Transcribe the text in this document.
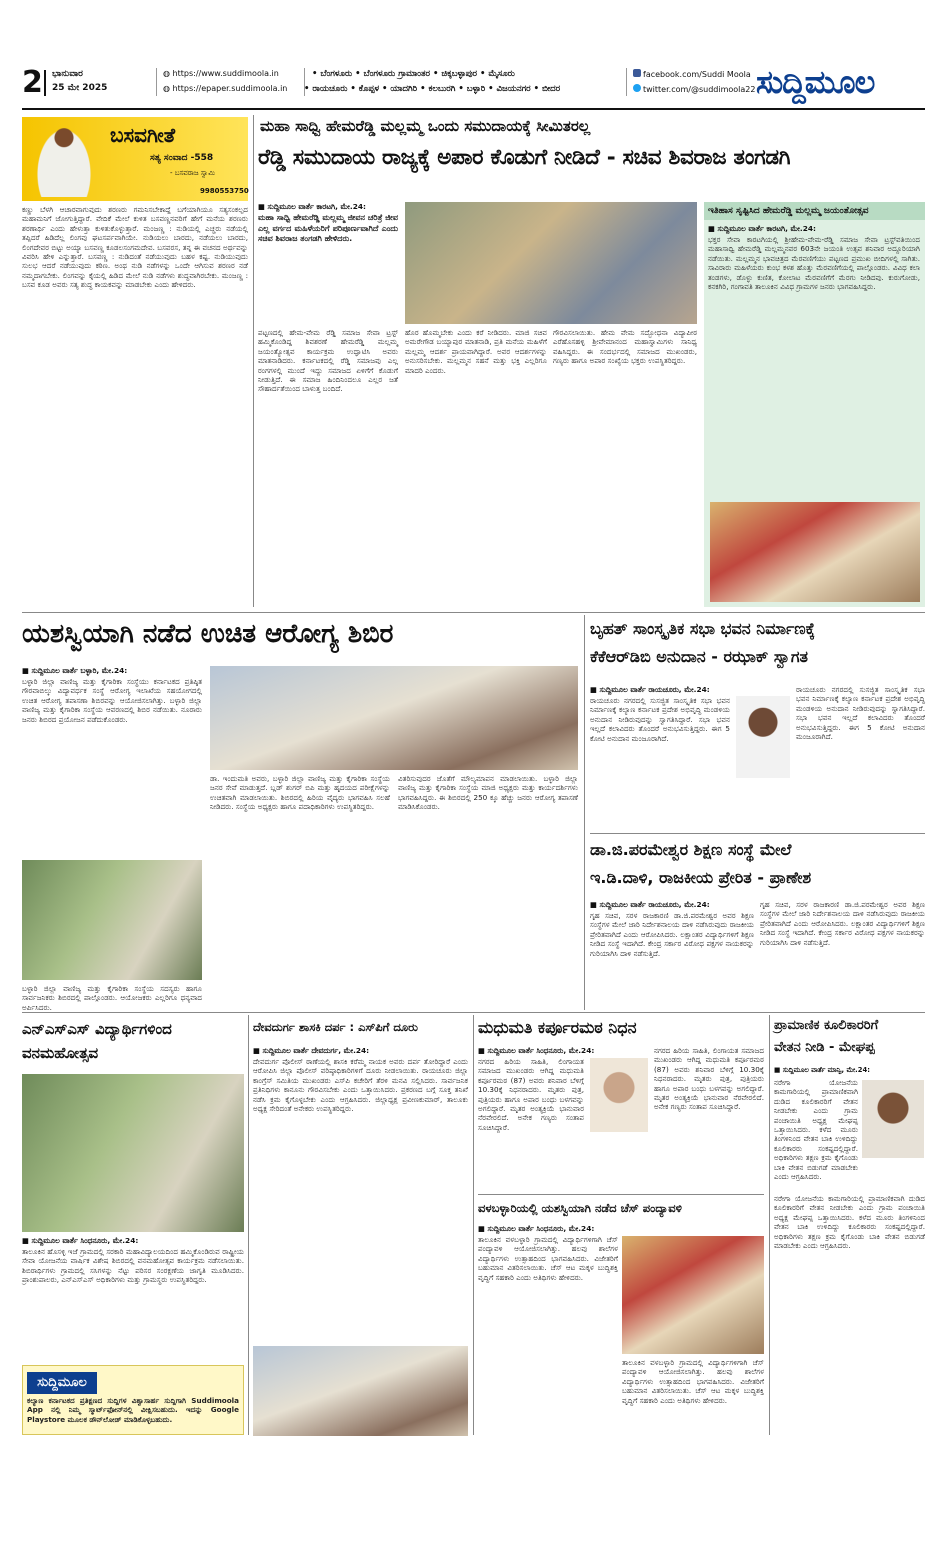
2 ಭಾನುವಾರ
25 ಮೇ 2025
◍ https://www.suddimoola.in
◍ https://epaper.suddimoola.in
• ಬೆಂಗಳೂರು • ಬೆಂಗಳೂರು ಗ್ರಾಮಾಂತರ • ಚಿಕ್ಕಬಳ್ಳಾಪುರ • ಮೈಸೂರು
• ರಾಯಚೂರು • ಕೊಪ್ಪಳ • ಯಾದಗಿರಿ • ಕಲಬುರಗಿ • ಬಳ್ಳಾರಿ • ವಿಜಯನಗರ • ಬೀದರ
facebook.com/Suddi Moola
twitter.com/@suddimoola22 ಸುದ್ದಿಮೂಲ
ಬಸವಗೀತೆ
ಸತ್ಯ ಸಂವಾದ -558
- ಬಸವರಾಜ ಸ್ವಾಮಿ
9980553750
ಕಣ್ಣು ಬೆಳಗಿ ಆಚಾರವಾಗುವುದು ಶರಣರು ಗಮನಿಸಬೇಕಾದ್ದೆ ಬಗೆಯಾಗಿಯೂ ಸತ್ಯಸಂಕಲ್ಪದ ಮಹಾಮನಿಗೆ ಜೋಗುತ್ತಿದ್ದಾರೆ. ವೇದಿಕೆ ಮೇಲೆ ಕುಳಿತ ಬಸವಣ್ಣನವರಿಗೆ ಹೇಗೆ ಮನೆಯ ಶರಣರು ಶರಣಾರ್ಥಿ ಎಂದು ಹೇಳುತ್ತಾ ಕುಳಿತುಕೊಳ್ಳುತ್ತಾರೆ. ಮಂಜಣ್ಣ : ನುಡಿಯಲ್ಲಿ ಎಚ್ಚರು ನಡೆಯಲ್ಲಿ ತಪ್ಪಿದರೆ ಹಿಡಿದೆಲ್ಲ ಲಿಂಗವು ಘಟಸರ್ಪವಾಗಿಯೇ. ನುಡಿಯಲು ಬಾರದು, ನಡೆಯಲು ಬಾರದು, ಲಿಂಗದೇವರ ಬಿಟ್ಟು ಅಯ್ಯಾ ಬಸವಣ್ಣ ಕೂಡಲಸಂಗಮದೇವ. ಬಸವರಸ, ತನ್ನ ಈ ವಚನದ ಅರ್ಥವನ್ನು ವಿವರಿಸಿ ಹೇಳಿ ಎನ್ನುತ್ತಾರೆ. ಬಸವಣ್ಣ : ನುಡಿದಂತೆ ನಡೆಯುವುದು ಬಹಳ ಕಷ್ಟ. ನುಡಿಯುವುದು ಸುಲಭ ಆದರೆ ನಡೆಯುವುದು ಕಠಿಣ. ಅಂಥ ನುಡಿ ನಡೆಗಳನ್ನು ಒಂದೇ ಆಗಿಸುವ ಶರಣರ ನಡೆ ನಮ್ಮದಾಗಬೇಕು. ಲಿಂಗವನ್ನು ಕೈಯಲ್ಲಿ ಹಿಡಿದ ಮೇಲೆ ನುಡಿ ನಡೆಗಳು ಶುದ್ಧವಾಗಿರಬೇಕು. ಮಂಜಣ್ಣ : ಬಸವ ಕೂಡ ಅವರು ಸತ್ಯ ಶುದ್ಧ ಕಾಯಕವನ್ನು ಮಾಡಬೇಕು ಎಂದು ಹೇಳಿದರು.
ಮಹಾ ಸಾಧ್ವಿ ಹೇಮರೆಡ್ಡಿ ಮಲ್ಲಮ್ಮ ಒಂದು ಸಮುದಾಯಕ್ಕೆ ಸೀಮಿತರಲ್ಲ
ರೆಡ್ಡಿ ಸಮುದಾಯ ರಾಜ್ಯಕ್ಕೆ ಅಪಾರ ಕೊಡುಗೆ ನೀಡಿದೆ - ಸಚಿವ ಶಿವರಾಜ ತಂಗಡಗಿ
■ ಸುದ್ದಿಮೂಲ ವಾರ್ತೆ ಕಾರಟಗಿ, ಮೇ.24:
ಮಹಾ ಸಾಧ್ವಿ ಹೇಮರೆಡ್ಡಿ ಮಲ್ಲಮ್ಮ ಜೀವನ ಚರಿತ್ರೆ ಜೀವ ಎಲ್ಲ ವರ್ಗದ ಮಹಿಳೆಯರಿಗೆ ಪರಿಪೂರ್ಣವಾಗಿದೆ ಎಂದು ಸಚಿವ ಶಿವರಾಜ ತಂಗಡಗಿ ಹೇಳಿದರು.
ಪಟ್ಟಣದಲ್ಲಿ ಹೇಮ-ವೇಮ ರೆಡ್ಡಿ ಸಮಾಜ ಸೇವಾ ಟ್ರಸ್ಟ್ ಹಮ್ಮಿಕೊಂಡಿದ್ದ ಶಿವಶರಣೆ ಹೇಮರೆಡ್ಡಿ ಮಲ್ಲಮ್ಮ ಜಯಂತ್ಯೋತ್ಸವ ಕಾರ್ಯಕ್ರಮ ಉದ್ಘಾಟಿಸಿ ಅವರು ಮಾತನಾಡಿದರು. ಕರ್ನಾಟಕದಲ್ಲಿ ರೆಡ್ಡಿ ಸಮಾಜವು ಎಲ್ಲ ರಂಗಗಳಲ್ಲಿ ಮುಂದೆ ಇದ್ದು ಸಮಾಜದ ಏಳಿಗೆಗೆ ಕೊಡುಗೆ ನೀಡುತ್ತಿದೆ. ಈ ಸಮಾಜ ಹಿಂದಿನಿಂದಲೂ ಎಲ್ಲರ ಜತೆ ಸೌಹಾರ್ದತೆಯಿಂದ ಬಾಳುತ್ತ ಬಂದಿದೆ.
ಹೊರ ಹೊಮ್ಮಬೇಕು ಎಂದು ಕರೆ ನೀಡಿದರು. ಮಾಜಿ ಸಚಿವ ಅಮರೇಗೌಡ ಬಯ್ಯಾಪುರ ಮಾತನಾಡಿ, ಪ್ರತಿ ಮನೆಯ ಮಹಿಳೆಗೆ ಮಲ್ಲಮ್ಮ ಆದರ್ಶ ಪ್ರಾಯವಾಗಿದ್ದಾರೆ. ಅವರ ಆದರ್ಶಗಳನ್ನು ಅನುಸರಿಸಬೇಕು. ಮಲ್ಲಮ್ಮನ ಸಹನೆ ಮತ್ತು ಭಕ್ತಿ ಎಲ್ಲರಿಗೂ ಮಾದರಿ ಎಂದರು.
ಗೌರವಿಸಲಾಯಿತು. ಹೇಮ ವೇಮ ಸದ್ಭೋಧನಾ ವಿದ್ಯಾಪೀಠ ಎರೆಹೊಸಹಳ್ಳಿ ಶ್ರೀವೇಮಾನಂದ ಮಹಾಸ್ವಾಮಿಗಳು ಸಾನಿಧ್ಯ ವಹಿಸಿದ್ದರು. ಈ ಸಂದರ್ಭದಲ್ಲಿ ಸಮಾಜದ ಮುಖಂಡರು, ಗಣ್ಯರು ಹಾಗೂ ಅಪಾರ ಸಂಖ್ಯೆಯ ಭಕ್ತರು ಉಪಸ್ಥಿತರಿದ್ದರು.
ಇತಿಹಾಸ ಸೃಷ್ಟಿಸಿದ ಹೇಮರೆಡ್ಡಿ ಮಲ್ಲಮ್ಮ ಜಯಂತೋತ್ಸವ
■ ಸುದ್ದಿಮೂಲ ವಾರ್ತೆ ಕಾರಟಗಿ, ಮೇ.24:
ಭಕ್ತರ ಸೇವಾ ಕಾರಟಗಿಯಲ್ಲಿ ಶ್ರೀಹೇಮ-ವೇಮ-ರೆಡ್ಡಿ ಸಮಾಜ ಸೇವಾ ಟ್ರಸ್ಟ್‌ವತಿಯಿಂದ ಮಹಾಸಾಧ್ವಿ ಹೇಮರೆಡ್ಡಿ ಮಲ್ಲಮ್ಮನವರ 603ನೇ ಜಯಂತಿ ಉತ್ಸವ ಶನಿವಾರ ಅದ್ದೂರಿಯಾಗಿ ನಡೆಯಿತು. ಮಲ್ಲಮ್ಮನ ಭಾವಚಿತ್ರದ ಮೆರವಣಿಗೆಯು ಪಟ್ಟಣದ ಪ್ರಮುಖ ಬೀದಿಗಳಲ್ಲಿ ಸಾಗಿತು. ಸಾವಿರಾರು ಮಹಿಳೆಯರು ಕುಂಭ ಕಳಶ ಹೊತ್ತು ಮೆರವಣಿಗೆಯಲ್ಲಿ ಪಾಲ್ಗೊಂಡರು. ವಿವಿಧ ಕಲಾ ತಂಡಗಳು, ಡೊಳ್ಳು ಕುಣಿತ, ಕೋಲಾಟ ಮೆರವಣಿಗೆಗೆ ಮೆರಗು ನೀಡಿದವು. ಕುರುಗೋಡು, ಕನಕಗಿರಿ, ಗಂಗಾವತಿ ತಾಲೂಕಿನ ವಿವಿಧ ಗ್ರಾಮಗಳ ಜನರು ಭಾಗವಹಿಸಿದ್ದರು.
ಯಶಸ್ವಿಯಾಗಿ ನಡೆದ ಉಚಿತ ಆರೋಗ್ಯ ಶಿಬಿರ
■ ಸುದ್ದಿಮೂಲ ವಾರ್ತೆ ಬಳ್ಳಾರಿ, ಮೇ.24:
ಬಳ್ಳಾರಿ ಜಿಲ್ಲಾ ವಾಣಿಜ್ಯ ಮತ್ತು ಕೈಗಾರಿಕಾ ಸಂಸ್ಥೆಯು ಕರ್ನಾಟಕದ ಪ್ರತಿಷ್ಠಿತ ಗೌರವಾಬಿಲ್ಕು ವಿದ್ಯಾವರ್ಧಕ ಸಂಸ್ಥೆ ಆರೋಗ್ಯ ಇಲಾಖೆಯ ಸಹಯೋಗದಲ್ಲಿ ಉಚಿತ ಆರೋಗ್ಯ ತಪಾಸಣಾ ಶಿಬಿರವನ್ನು ಆಯೋಜಿಸಲಾಗಿತ್ತು. ಬಳ್ಳಾರಿ ಜಿಲ್ಲಾ ವಾಣಿಜ್ಯ ಮತ್ತು ಕೈಗಾರಿಕಾ ಸಂಸ್ಥೆಯ ಆವರಣದಲ್ಲಿ ಶಿಬಿರ ನಡೆಯಿತು. ನೂರಾರು ಜನರು ಶಿಬಿರದ ಪ್ರಯೋಜನ ಪಡೆದುಕೊಂಡರು.
ಡಾ. ಇಂದುಮತಿ ಅವರು, ಬಳ್ಳಾರಿ ಜಿಲ್ಲಾ ವಾಣಿಜ್ಯ ಮತ್ತು ಕೈಗಾರಿಕಾ ಸಂಸ್ಥೆಯ ಜನರ ಸೇವೆ ಮಾಡುತ್ತದೆ. ಬ್ಲಡ್ ಶುಗರ್ ಬಿಪಿ ಮತ್ತು ಹೃದಯದ ಪರೀಕ್ಷೆಗಳನ್ನು ಉಚಿತವಾಗಿ ಮಾಡಲಾಯಿತು. ಶಿಬಿರದಲ್ಲಿ ಹಿರಿಯ ವೈದ್ಯರು ಭಾಗವಹಿಸಿ ಸಲಹೆ ನೀಡಿದರು. ಸಂಸ್ಥೆಯ ಅಧ್ಯಕ್ಷರು ಹಾಗೂ ಪದಾಧಿಕಾರಿಗಳು ಉಪಸ್ಥಿತರಿದ್ದರು.
ವಿತರಿಸುವುದರ ಜೊತೆಗೆ ಮೌಲ್ಯಮಾಪನ ಮಾಡಲಾಯಿತು. ಬಳ್ಳಾರಿ ಜಿಲ್ಲಾ ವಾಣಿಜ್ಯ ಮತ್ತು ಕೈಗಾರಿಕಾ ಸಂಸ್ಥೆಯ ಮಾಜಿ ಅಧ್ಯಕ್ಷರು ಮತ್ತು ಕಾರ್ಯದರ್ಶಿಗಳು ಭಾಗವಹಿಸಿದ್ದರು. ಈ ಶಿಬಿರದಲ್ಲಿ 250 ಕ್ಕೂ ಹೆಚ್ಚು ಜನರು ಆರೋಗ್ಯ ತಪಾಸಣೆ ಮಾಡಿಸಿಕೊಂಡರು.
ಬಳ್ಳಾರಿ ಜಿಲ್ಲಾ ವಾಣಿಜ್ಯ ಮತ್ತು ಕೈಗಾರಿಕಾ ಸಂಸ್ಥೆಯ ಸದಸ್ಯರು ಹಾಗೂ ಸಾರ್ವಜನಿಕರು ಶಿಬಿರದಲ್ಲಿ ಪಾಲ್ಗೊಂಡರು. ಆಯೋಜಕರು ಎಲ್ಲರಿಗೂ ಧನ್ಯವಾದ ಅರ್ಪಿಸಿದರು.
ಬೃಹತ್ ಸಾಂಸ್ಕೃತಿಕ ಸಭಾ ಭವನ ನಿರ್ಮಾಣಕ್ಕೆ
ಕೆಕೆಆರ್‌ಡಿಬಿ ಅನುದಾನ - ರಝಾಕ್ ಸ್ವಾಗತ
■ ಸುದ್ದಿಮೂಲ ವಾರ್ತೆ ರಾಯಚೂರು, ಮೇ.24:
ರಾಯಚೂರು ನಗರದಲ್ಲಿ ಸುಸಜ್ಜಿತ ಸಾಂಸ್ಕೃತಿಕ ಸಭಾ ಭವನ ನಿರ್ಮಾಣಕ್ಕೆ ಕಲ್ಯಾಣ ಕರ್ನಾಟಕ ಪ್ರದೇಶ ಅಭಿವೃದ್ಧಿ ಮಂಡಳಿಯ ಅನುದಾನ ನೀಡಿರುವುದನ್ನು ಸ್ವಾಗತಿಸಿದ್ದಾರೆ. ಸಭಾ ಭವನ ಇಲ್ಲದೆ ಕಲಾವಿದರು ತೊಂದರೆ ಅನುಭವಿಸುತ್ತಿದ್ದರು. ಈಗ 5 ಕೋಟಿ ಅನುದಾನ ಮಂಜೂರಾಗಿದೆ.
ರಾಯಚೂರು ನಗರದಲ್ಲಿ ಸುಸಜ್ಜಿತ ಸಾಂಸ್ಕೃತಿಕ ಸಭಾ ಭವನ ನಿರ್ಮಾಣಕ್ಕೆ ಕಲ್ಯಾಣ ಕರ್ನಾಟಕ ಪ್ರದೇಶ ಅಭಿವೃದ್ಧಿ ಮಂಡಳಿಯ ಅನುದಾನ ನೀಡಿರುವುದನ್ನು ಸ್ವಾಗತಿಸಿದ್ದಾರೆ. ಸಭಾ ಭವನ ಇಲ್ಲದೆ ಕಲಾವಿದರು ತೊಂದರೆ ಅನುಭವಿಸುತ್ತಿದ್ದರು. ಈಗ 5 ಕೋಟಿ ಅನುದಾನ ಮಂಜೂರಾಗಿದೆ.
ಡಾ.ಜಿ.ಪರಮೇಶ್ವರ ಶಿಕ್ಷಣ ಸಂಸ್ಥೆ ಮೇಲೆ
ಇ.ಡಿ.ದಾಳಿ, ರಾಜಕೀಯ ಪ್ರೇರಿತ - ಪ್ರಾಣೇಶ
■ ಸುದ್ದಿಮೂಲ ವಾರ್ತೆ ರಾಯಚೂರು, ಮೇ.24:
ಗೃಹ ಸಚಿವ, ಸರಳ ರಾಜಕಾರಣಿ ಡಾ.ಜಿ.ಪರಮೇಶ್ವರ ಅವರ ಶಿಕ್ಷಣ ಸಂಸ್ಥೆಗಳ ಮೇಲೆ ಜಾರಿ ನಿರ್ದೇಶನಾಲಯ ದಾಳಿ ನಡೆಸಿರುವುದು ರಾಜಕೀಯ ಪ್ರೇರಿತವಾಗಿದೆ ಎಂದು ಆರೋಪಿಸಿದರು. ಲಕ್ಷಾಂತರ ವಿದ್ಯಾರ್ಥಿಗಳಿಗೆ ಶಿಕ್ಷಣ ನೀಡಿದ ಸಂಸ್ಥೆ ಇದಾಗಿದೆ. ಕೇಂದ್ರ ಸರ್ಕಾರ ವಿರೋಧ ಪಕ್ಷಗಳ ನಾಯಕರನ್ನು ಗುರಿಯಾಗಿಸಿ ದಾಳಿ ನಡೆಸುತ್ತಿದೆ.
ಗೃಹ ಸಚಿವ, ಸರಳ ರಾಜಕಾರಣಿ ಡಾ.ಜಿ.ಪರಮೇಶ್ವರ ಅವರ ಶಿಕ್ಷಣ ಸಂಸ್ಥೆಗಳ ಮೇಲೆ ಜಾರಿ ನಿರ್ದೇಶನಾಲಯ ದಾಳಿ ನಡೆಸಿರುವುದು ರಾಜಕೀಯ ಪ್ರೇರಿತವಾಗಿದೆ ಎಂದು ಆರೋಪಿಸಿದರು. ಲಕ್ಷಾಂತರ ವಿದ್ಯಾರ್ಥಿಗಳಿಗೆ ಶಿಕ್ಷಣ ನೀಡಿದ ಸಂಸ್ಥೆ ಇದಾಗಿದೆ. ಕೇಂದ್ರ ಸರ್ಕಾರ ವಿರೋಧ ಪಕ್ಷಗಳ ನಾಯಕರನ್ನು ಗುರಿಯಾಗಿಸಿ ದಾಳಿ ನಡೆಸುತ್ತಿದೆ.
ಎನ್‌ಎಸ್‌ಎಸ್ ವಿದ್ಯಾರ್ಥಿಗಳಿಂದ
ವನಮಹೋತ್ಸವ
■ ಸುದ್ದಿಮೂಲ ವಾರ್ತೆ ಸಿಂಧನೂರು, ಮೇ.24:
ತಾಲೂಕಿನ ಹೊಸಳ್ಳಿ ಇಜೆ ಗ್ರಾಮದಲ್ಲಿ ಸರಕಾರಿ ಮಹಾವಿದ್ಯಾಲಯದಿಂದ ಹಮ್ಮಿಕೊಂಡಿರುವ ರಾಷ್ಟ್ರೀಯ ಸೇವಾ ಯೋಜನೆಯ ವಾರ್ಷಿಕ ವಿಶೇಷ ಶಿಬಿರದಲ್ಲಿ ವನಮಹೋತ್ಸವ ಕಾರ್ಯಕ್ರಮ ನಡೆಸಲಾಯಿತು. ಶಿಬಿರಾರ್ಥಿಗಳು ಗ್ರಾಮದಲ್ಲಿ ಸಸಿಗಳನ್ನು ನೆಟ್ಟು ಪರಿಸರ ಸಂರಕ್ಷಣೆಯ ಜಾಗೃತಿ ಮೂಡಿಸಿದರು. ಪ್ರಾಂಶುಪಾಲರು, ಎನ್‌ಎಸ್‌ಎಸ್ ಅಧಿಕಾರಿಗಳು ಮತ್ತು ಗ್ರಾಮಸ್ಥರು ಉಪಸ್ಥಿತರಿದ್ದರು.
ಸುದ್ದಿಮೂಲ
ಕಲ್ಯಾಣ ಕರ್ನಾಟಕದ ಪ್ರತಿಕ್ಷಣದ ಸುದ್ದಿಗಳ ವಿಶ್ವಾಸಾರ್ಹ ಸುದ್ದಿಗಾಗಿ Suddimoola App ನಲ್ಲಿ ನಿಮ್ಮ ಸ್ಮಾರ್ಟ್‌ಫೋನ್‌ನಲ್ಲಿ ವೀಕ್ಷಿಸಬಹುದು. ಇದನ್ನು Google Playstore ಮೂಲಕ ಡೌನ್‌ಲೋಡ್ ಮಾಡಿಕೊಳ್ಳಬಹುದು.
ದೇವದುರ್ಗ ಶಾಸಕಿ ದರ್ಪ : ಎಸ್‌ಪಿಗೆ ದೂರು
■ ಸುದ್ದಿಮೂಲ ವಾರ್ತೆ ದೇವದುರ್ಗ, ಮೇ.24:
ದೇವದುರ್ಗ ಪೊಲೀಸ್ ಠಾಣೆಯಲ್ಲಿ ಶಾಸಕಿ ಕರೆಮ್ಮ ನಾಯಕ ಅವರು ದರ್ಪ ತೋರಿದ್ದಾರೆ ಎಂದು ಆರೋಪಿಸಿ ಜಿಲ್ಲಾ ಪೊಲೀಸ್ ವರಿಷ್ಠಾಧಿಕಾರಿಗಳಿಗೆ ದೂರು ನೀಡಲಾಯಿತು. ರಾಯಚೂರು ಜಿಲ್ಲಾ ಕಾಂಗ್ರೆಸ್ ಸಮಿತಿಯ ಮುಖಂಡರು ಎಸ್‌ಪಿ ಕಚೇರಿಗೆ ತೆರಳಿ ಮನವಿ ಸಲ್ಲಿಸಿದರು. ಸಾರ್ವಜನಿಕ ಪ್ರತಿನಿಧಿಗಳು ಕಾನೂನು ಗೌರವಿಸಬೇಕು ಎಂದು ಒತ್ತಾಯಿಸಿದರು. ಪ್ರಕರಣದ ಬಗ್ಗೆ ಸೂಕ್ತ ತನಿಖೆ ನಡೆಸಿ ಕ್ರಮ ಕೈಗೊಳ್ಳಬೇಕು ಎಂದು ಆಗ್ರಹಿಸಿದರು. ಜಿಲ್ಲಾಧ್ಯಕ್ಷ ಪ್ರವೀಣಕುಮಾರ್, ತಾಲೂಕು ಅಧ್ಯಕ್ಷ ಸೇರಿದಂತೆ ಅನೇಕರು ಉಪಸ್ಥಿತರಿದ್ದರು.
ಮಧುಮತಿ ಕರ್ಪೂರಮಠ ನಿಧನ
■ ಸುದ್ದಿಮೂಲ ವಾರ್ತೆ ಸಿಂಧನೂರು, ಮೇ.24:
ನಗರದ ಹಿರಿಯ ಸಾಹಿತಿ, ಲಿಂಗಾಯತ ಸಮಾಜದ ಮುಖಂಡರು ಆಗಿದ್ದ ಮಧುಮತಿ ಕರ್ಪೂರಮಠ (87) ಅವರು ಶನಿವಾರ ಬೆಳಿಗ್ಗೆ 10.30ಕ್ಕೆ ನಿಧನರಾದರು. ಮೃತರು ಪುತ್ರ, ಪುತ್ರಿಯರು ಹಾಗೂ ಅಪಾರ ಬಂಧು ಬಳಗವನ್ನು ಅಗಲಿದ್ದಾರೆ. ಮೃತರ ಅಂತ್ಯಕ್ರಿಯೆ ಭಾನುವಾರ ನೆರವೇರಲಿದೆ. ಅನೇಕ ಗಣ್ಯರು ಸಂತಾಪ ಸೂಚಿಸಿದ್ದಾರೆ.
ನಗರದ ಹಿರಿಯ ಸಾಹಿತಿ, ಲಿಂಗಾಯತ ಸಮಾಜದ ಮುಖಂಡರು ಆಗಿದ್ದ ಮಧುಮತಿ ಕರ್ಪೂರಮಠ (87) ಅವರು ಶನಿವಾರ ಬೆಳಿಗ್ಗೆ 10.30ಕ್ಕೆ ನಿಧನರಾದರು. ಮೃತರು ಪುತ್ರ, ಪುತ್ರಿಯರು ಹಾಗೂ ಅಪಾರ ಬಂಧು ಬಳಗವನ್ನು ಅಗಲಿದ್ದಾರೆ. ಮೃತರ ಅಂತ್ಯಕ್ರಿಯೆ ಭಾನುವಾರ ನೆರವೇರಲಿದೆ. ಅನೇಕ ಗಣ್ಯರು ಸಂತಾಪ ಸೂಚಿಸಿದ್ದಾರೆ.
ವಳಬಳ್ಳಾರಿಯಲ್ಲಿ ಯಶಸ್ವಿಯಾಗಿ ನಡೆದ ಚೆಸ್ ಪಂದ್ಯಾವಳಿ
■ ಸುದ್ದಿಮೂಲ ವಾರ್ತೆ ಸಿಂಧನೂರು, ಮೇ.24:
ತಾಲೂಕಿನ ವಳಬಳ್ಳಾರಿ ಗ್ರಾಮದಲ್ಲಿ ವಿದ್ಯಾರ್ಥಿಗಳಿಗಾಗಿ ಚೆಸ್ ಪಂದ್ಯಾವಳಿ ಆಯೋಜಿಸಲಾಗಿತ್ತು. ಹಲವು ಶಾಲೆಗಳ ವಿದ್ಯಾರ್ಥಿಗಳು ಉತ್ಸಾಹದಿಂದ ಭಾಗವಹಿಸಿದರು. ವಿಜೇತರಿಗೆ ಬಹುಮಾನ ವಿತರಿಸಲಾಯಿತು. ಚೆಸ್ ಆಟ ಮಕ್ಕಳ ಬುದ್ಧಿಶಕ್ತಿ ವೃದ್ಧಿಗೆ ಸಹಕಾರಿ ಎಂದು ಅತಿಥಿಗಳು ಹೇಳಿದರು.
ತಾಲೂಕಿನ ವಳಬಳ್ಳಾರಿ ಗ್ರಾಮದಲ್ಲಿ ವಿದ್ಯಾರ್ಥಿಗಳಿಗಾಗಿ ಚೆಸ್ ಪಂದ್ಯಾವಳಿ ಆಯೋಜಿಸಲಾಗಿತ್ತು. ಹಲವು ಶಾಲೆಗಳ ವಿದ್ಯಾರ್ಥಿಗಳು ಉತ್ಸಾಹದಿಂದ ಭಾಗವಹಿಸಿದರು. ವಿಜೇತರಿಗೆ ಬಹುಮಾನ ವಿತರಿಸಲಾಯಿತು. ಚೆಸ್ ಆಟ ಮಕ್ಕಳ ಬುದ್ಧಿಶಕ್ತಿ ವೃದ್ಧಿಗೆ ಸಹಕಾರಿ ಎಂದು ಅತಿಥಿಗಳು ಹೇಳಿದರು.
ಪ್ರಾಮಾಣಿಕ ಕೂಲಿಕಾರರಿಗೆ
ವೇತನ ನೀಡಿ - ಮೇಘಪ್ಪ
■ ಸುದ್ದಿಮೂಲ ವಾರ್ತೆ ಮಾನ್ವಿ, ಮೇ.24:
ನರೇಗಾ ಯೋಜನೆಯ ಕಾಮಗಾರಿಯಲ್ಲಿ ಪ್ರಾಮಾಣಿಕವಾಗಿ ದುಡಿದ ಕೂಲಿಕಾರರಿಗೆ ವೇತನ ನೀಡಬೇಕು ಎಂದು ಗ್ರಾಮ ಪಂಚಾಯಿತಿ ಅಧ್ಯಕ್ಷ ಮೇಘಪ್ಪ ಒತ್ತಾಯಿಸಿದರು. ಕಳೆದ ಮೂರು ತಿಂಗಳಿನಿಂದ ವೇತನ ಬಾಕಿ ಉಳಿದಿದ್ದು ಕೂಲಿಕಾರರು ಸಂಕಷ್ಟದಲ್ಲಿದ್ದಾರೆ. ಅಧಿಕಾರಿಗಳು ತಕ್ಷಣ ಕ್ರಮ ಕೈಗೊಂಡು ಬಾಕಿ ವೇತನ ಬಿಡುಗಡೆ ಮಾಡಬೇಕು ಎಂದು ಆಗ್ರಹಿಸಿದರು.
ನರೇಗಾ ಯೋಜನೆಯ ಕಾಮಗಾರಿಯಲ್ಲಿ ಪ್ರಾಮಾಣಿಕವಾಗಿ ದುಡಿದ ಕೂಲಿಕಾರರಿಗೆ ವೇತನ ನೀಡಬೇಕು ಎಂದು ಗ್ರಾಮ ಪಂಚಾಯಿತಿ ಅಧ್ಯಕ್ಷ ಮೇಘಪ್ಪ ಒತ್ತಾಯಿಸಿದರು. ಕಳೆದ ಮೂರು ತಿಂಗಳಿನಿಂದ ವೇತನ ಬಾಕಿ ಉಳಿದಿದ್ದು ಕೂಲಿಕಾರರು ಸಂಕಷ್ಟದಲ್ಲಿದ್ದಾರೆ. ಅಧಿಕಾರಿಗಳು ತಕ್ಷಣ ಕ್ರಮ ಕೈಗೊಂಡು ಬಾಕಿ ವೇತನ ಬಿಡುಗಡೆ ಮಾಡಬೇಕು ಎಂದು ಆಗ್ರಹಿಸಿದರು.
